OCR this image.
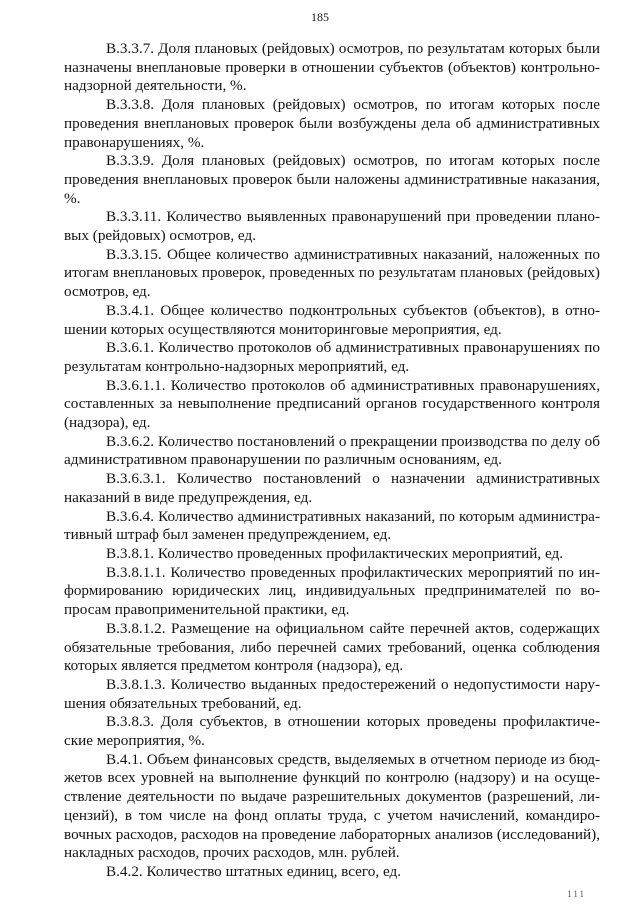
185

В.3.3.7. Доля плановых (рейдовых) осмотров, по результатам которых были назначены внеплановые проверки в отношении субъектов (объектов) контрольно-надзорной деятельности, %.

В.3.3.8. Доля плановых (рейдовых) осмотров, по итогам которых после проведения внеплановых проверок были возбуждены дела об административных правонарушениях, %.

В.3.3.9. Доля плановых (рейдовых) осмотров, по итогам которых после проведения внеплановых проверок были наложены административные наказания, %.

В.3.3.11. Количество выявленных правонарушений при проведении плановых (рейдовых) осмотров, ед.

В.3.3.15. Общее количество административных наказаний, наложенных по итогам внеплановых проверок, проведенных по результатам плановых (рейдовых) осмотров, ед.

В.3.4.1. Общее количество подконтрольных субъектов (объектов), в отношении которых осуществляются мониторинговые мероприятия, ед.

В.3.6.1. Количество протоколов об административных правонарушениях по результатам контрольно-надзорных мероприятий, ед.

В.3.6.1.1. Количество протоколов об административных правонарушениях, составленных за невыполнение предписаний органов государственного контроля (надзора), ед.

В.3.6.2. Количество постановлений о прекращении производства по делу об административном правонарушении по различным основаниям, ед.

В.3.6.3.1. Количество постановлений о назначении административных наказаний в виде предупреждения, ед.

В.3.6.4. Количество административных наказаний, по которым административный штраф был заменен предупреждением, ед.

В.3.8.1. Количество проведенных профилактических мероприятий, ед.

В.3.8.1.1. Количество проведенных профилактических мероприятий по информированию юридических лиц, индивидуальных предпринимателей по вопросам правоприменительной практики, ед.

В.3.8.1.2. Размещение на официальном сайте перечней актов, содержащих обязательные требования, либо перечней самих требований, оценка соблюдения которых является предметом контроля (надзора), ед.

В.3.8.1.3. Количество выданных предостережений о недопустимости нарушения обязательных требований, ед.

В.3.8.3. Доля субъектов, в отношении которых проведены профилактические мероприятия, %.

В.4.1. Объем финансовых средств, выделяемых в отчетном периоде из бюджетов всех уровней на выполнение функций по контролю (надзору) и на осуществление деятельности по выдаче разрешительных документов (разрешений, лицензий), в том числе на фонд оплаты труда, с учетом начислений, командировочных расходов, расходов на проведение лабораторных анализов (исследований), накладных расходов, прочих расходов, млн. рублей.

В.4.2. Количество штатных единиц, всего, ед.

111
